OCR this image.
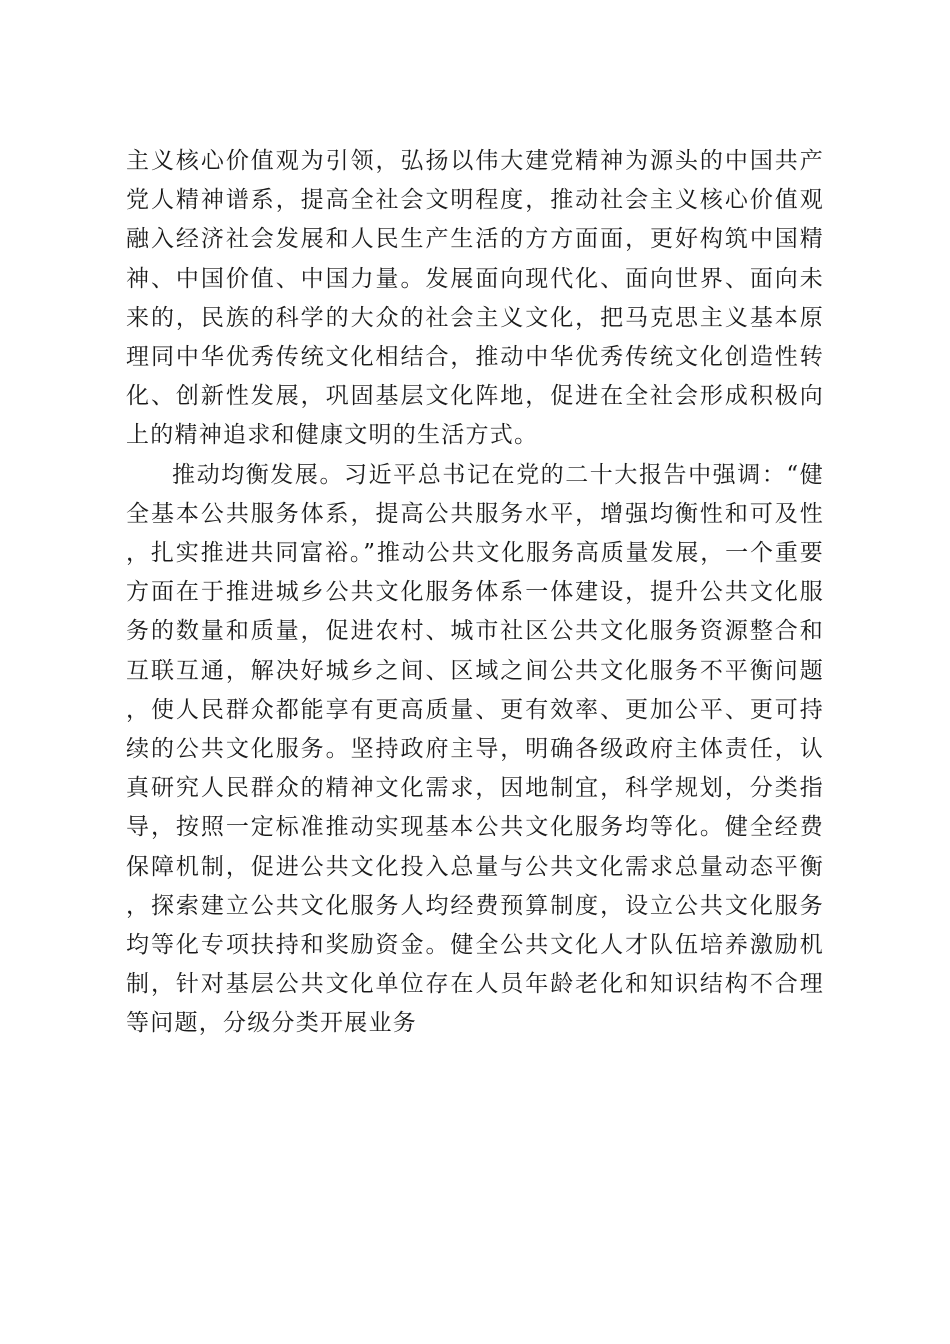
主义核心价值观为引领，弘扬以伟大建党精神为源头的中国共产党人精神谱系，提高全社会文明程度，推动社会主义核心价值观融入经济社会发展和人民生产生活的方方面面，更好构筑中国精神、中国价值、中国力量。发展面向现代化、面向世界、面向未来的，民族的科学的大众的社会主义文化，把马克思主义基本原理同中华优秀传统文化相结合，推动中华优秀传统文化创造性转化、创新性发展，巩固基层文化阵地，促进在全社会形成积极向上的精神追求和健康文明的生活方式。

推动均衡发展。习近平总书记在党的二十大报告中强调：“健全基本公共服务体系，提高公共服务水平，增强均衡性和可及性，扎实推进共同富裕。”推动公共文化服务高质量发展，一个重要方面在于推进城乡公共文化服务体系一体建设，提升公共文化服务的数量和质量，促进农村、城市社区公共文化服务资源整合和互联互通，解决好城乡之间、区域之间公共文化服务不平衡问题，使人民群众都能享有更高质量、更有效率、更加公平、更可持续的公共文化服务。坚持政府主导，明确各级政府主体责任，认真研究人民群众的精神文化需求，因地制宜，科学规划，分类指导，按照一定标准推动实现基本公共文化服务均等化。健全经费保障机制，促进公共文化投入总量与公共文化需求总量动态平衡，探索建立公共文化服务人均经费预算制度，设立公共文化服务均等化专项扶持和奖励资金。健全公共文化人才队伍培养激励机制，针对基层公共文化单位存在人员年龄老化和知识结构不合理等问题，分级分类开展业务
